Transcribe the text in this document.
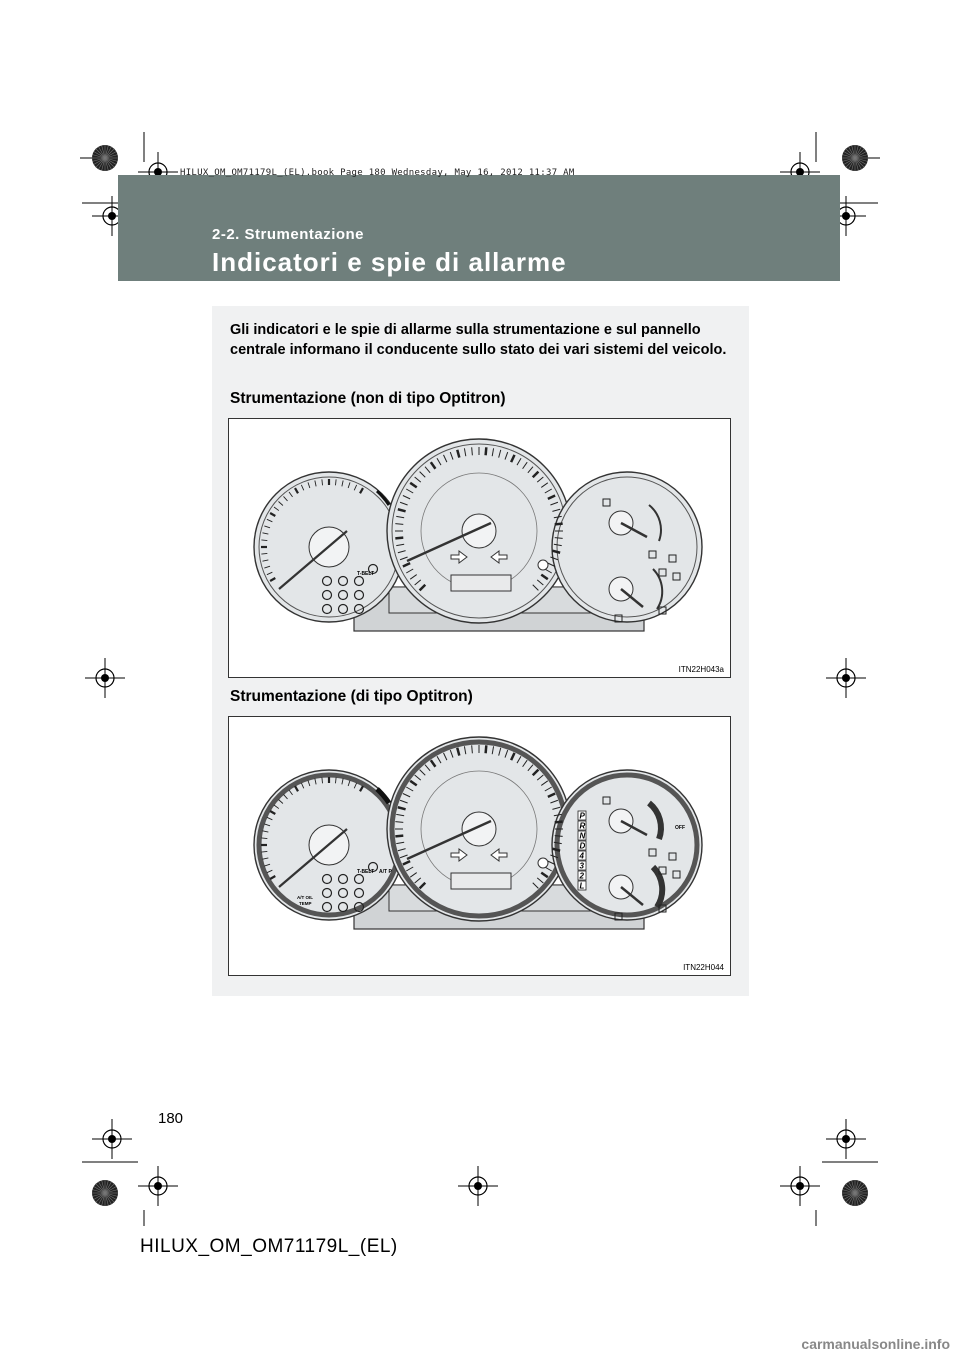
HILUX_OM_OM71179L_(EL).book Page 180 Wednesday, May 16, 2012 11:37 AM
2-2. Strumentazione
Indicatori e spie di allarme
Gli indicatori e le spie di allarme sulla strumentazione e sul pannello centrale informano il conducente sullo stato dei vari sistemi del veicolo.
Strumentazione (non di tipo Optitron)
T-BELT
ITN22H043a
Strumentazione (di tipo Optitron)
T-BELT A/T P
A/T OIL
TEMP
OFF
P
R
N
D
4
3
2
L
ITN22H044
180
HILUX_OM_OM71179L_(EL)
carmanualsonline.info
